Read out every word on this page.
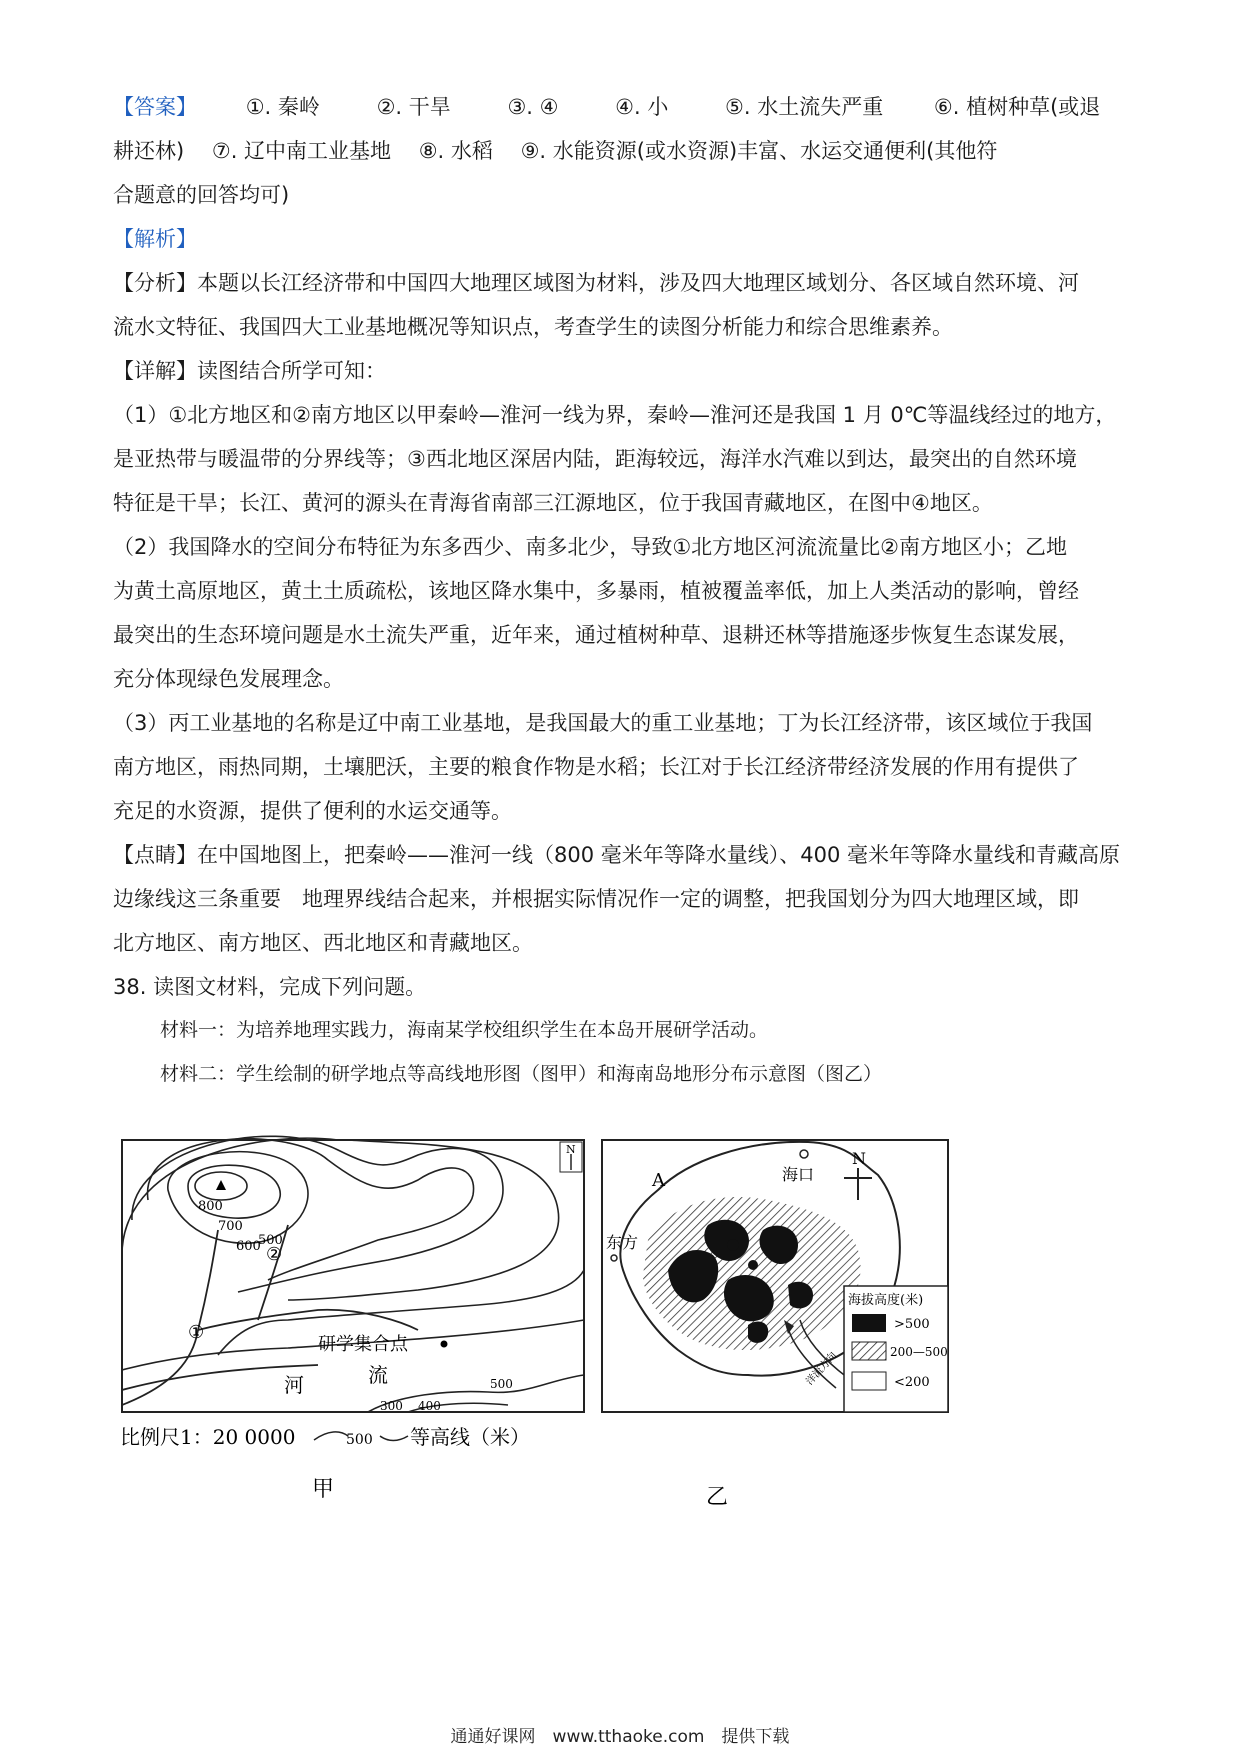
【答案】 ①. 秦岭	②. 干旱	③. ④	④. 小	⑤. 水土流失严重 ⑥. 植树种草(或退
耕还林)　 ⑦. 辽中南工业基地　 ⑧. 水稻　 ⑨. 水能资源(或水资源)丰富、水运交通便利(其他符
合题意的回答均可)
【解析】
【分析】本题以长江经济带和中国四大地理区域图为材料，涉及四大地理区域划分、各区域自然环境、河
流水文特征、我国四大工业基地概况等知识点，考查学生的读图分析能力和综合思维素养。
【详解】读图结合所学可知：
（1）①北方地区和②南方地区以甲秦岭—淮河一线为界，秦岭—淮河还是我国 1 月 0℃等温线经过的地方，
是亚热带与暖温带的分界线等；③西北地区深居内陆，距海较远，海洋水汽难以到达，最突出的自然环境
特征是干旱；长江、黄河的源头在青海省南部三江源地区，位于我国青藏地区，在图中④地区。
（2）我国降水的空间分布特征为东多西少、南多北少，导致①北方地区河流流量比②南方地区小；乙地
为黄土高原地区，黄土土质疏松，该地区降水集中，多暴雨，植被覆盖率低，加上人类活动的影响，曾经
最突出的生态环境问题是水土流失严重，近年来，通过植树种草、退耕还林等措施逐步恢复生态谋发展，
充分体现绿色发展理念。
（3）丙工业基地的名称是辽中南工业基地，是我国最大的重工业基地；丁为长江经济带，该区域位于我国
南方地区，雨热同期，土壤肥沃，主要的粮食作物是水稻；长江对于长江经济带经济发展的作用有提供了
充足的水资源，提供了便利的水运交通等。
【点睛】在中国地图上，把秦岭——淮河一线（800 毫米年等降水量线）、400 毫米年等降水量线和青藏高原
边缘线这三条重要　地理界线结合起来，并根据实际情况作一定的调整，把我国划分为四大地理区域，即
北方地区、南方地区、西北地区和青藏地区。
38. 读图文材料，完成下列问题。
材料一：为培养地理实践力，海南某学校组织学生在本岛开展研学活动。
材料二：学生绘制的研学地点等高线地形图（图甲）和海南岛地形分布示意图（图乙）
N
800
700
600
500
300 400
500
①
②
研学集合点
河	流
比例尺1：20 0000	500 等高线（米）
甲
海口
A
东方
N
洋流方向
海拔高度(米)
>500
200—500
<200
乙
通通好课网　www.tthaoke.com　提供下载
